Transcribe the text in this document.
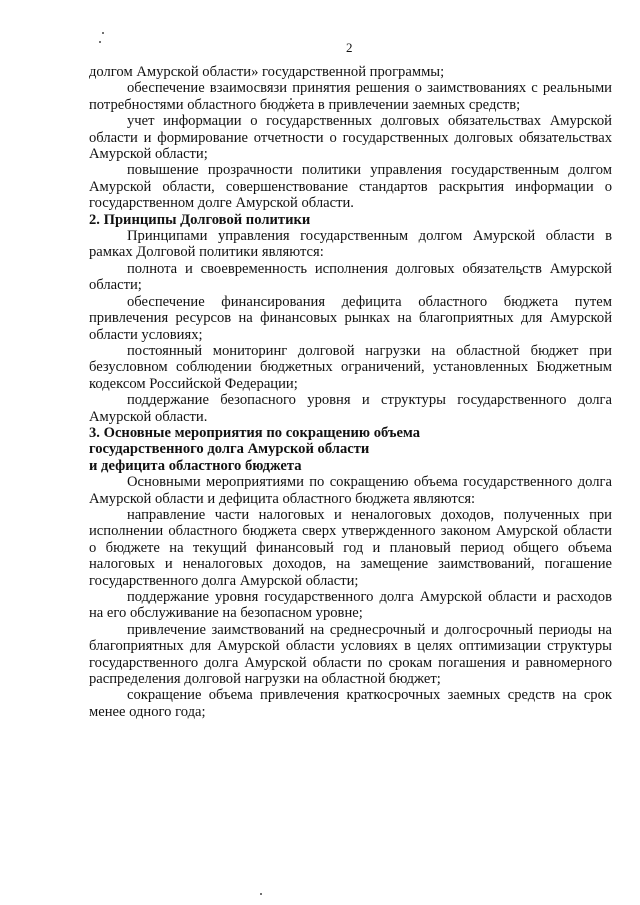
2

долгом Амурской области» государственной программы;

обеспечение взаимосвязи принятия решения о заимствованиях с реальными потребностями областного бюджета в привлечении заемных средств;

учет информации о государственных долговых обязательствах Амурской области и формирование отчетности о государственных долговых обязательствах Амурской области;

повышение прозрачности политики управления государственным долгом Амурской области, совершенствование стандартов раскрытия информации о государственном долге Амурской области.

2. Принципы Долговой политики

Принципами управления государственным долгом Амурской области в рамках Долговой политики являются:

полнота и своевременность исполнения долговых обязательств Амурской области;

обеспечение финансирования дефицита областного бюджета путем привлечения ресурсов на финансовых рынках на благоприятных для Амурской области условиях;

постоянный мониторинг долговой нагрузки на областной бюджет при безусловном соблюдении бюджетных ограничений, установленных Бюджетным кодексом Российской Федерации;

поддержание безопасного уровня и структуры государственного долга Амурской области.

3. Основные мероприятия по сокращению объема
государственного долга Амурской области
и дефицита областного бюджета

Основными мероприятиями по сокращению объема государственного долга Амурской области и дефицита областного бюджета являются:

направление части налоговых и неналоговых доходов, полученных при исполнении областного бюджета сверх утвержденного законом Амурской области о бюджете на текущий финансовый год и плановый период общего объема налоговых и неналоговых доходов, на замещение заимствований, погашение государственного долга Амурской области;

поддержание уровня государственного долга Амурской области и расходов на его обслуживание на безопасном уровне;

привлечение заимствований на среднесрочный и долгосрочный периоды на благоприятных для Амурской области условиях в целях оптимизации структуры государственного долга Амурской области по срокам погашения и равномерного распределения долговой нагрузки на областной бюджет;

сокращение объема привлечения краткосрочных заемных средств на срок менее одного года;
